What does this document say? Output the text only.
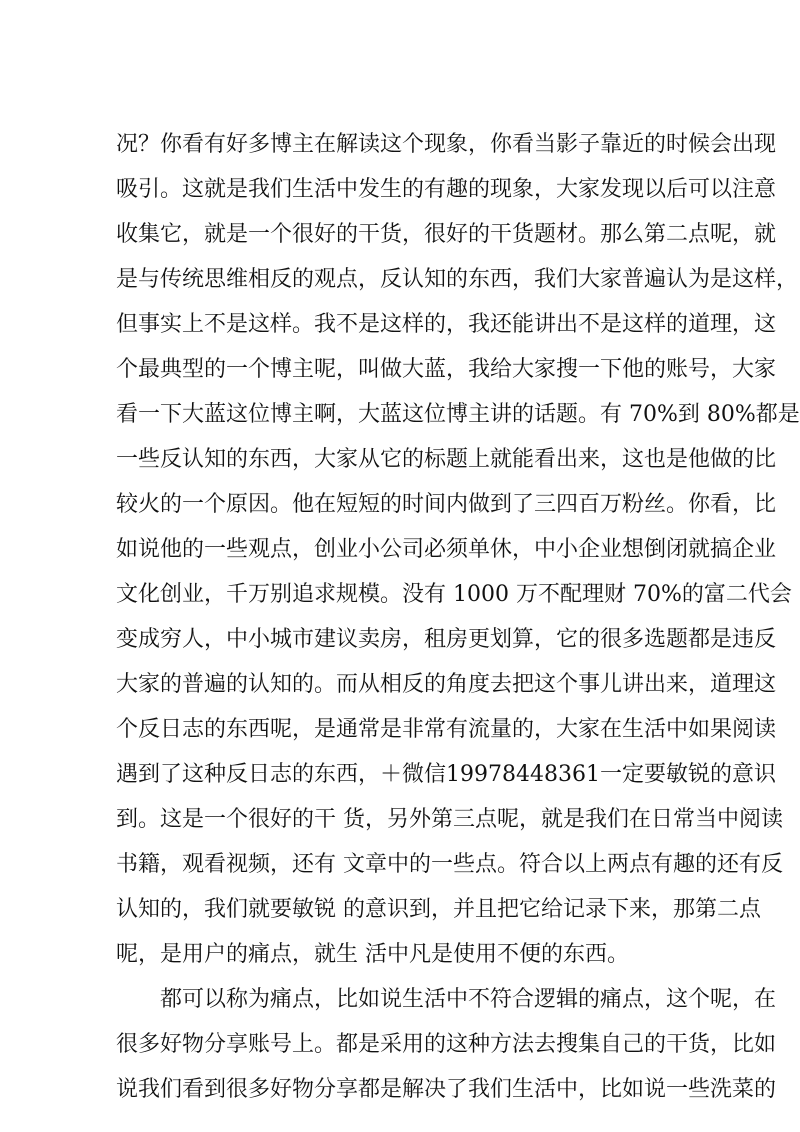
况？你看有好多博主在解读这个现象，你看当影子靠近的时候会出现
吸引。这就是我们生活中发生的有趣的现象，大家发现以后可以注意
收集它，就是一个很好的干货，很好的干货题材。那么第二点呢，就
是与传统思维相反的观点，反认知的东西，我们大家普遍认为是这样，
但事实上不是这样。我不是这样的，我还能讲出不是这样的道理，这
个最典型的一个博主呢，叫做大蓝，我给大家搜一下他的账号，大家
看一下大蓝这位博主啊，大蓝这位博主讲的话题。有 70%到 80%都是
一些反认知的东西，大家从它的标题上就能看出来，这也是他做的比
较火的一个原因。他在短短的时间内做到了三四百万粉丝。你看，比
如说他的一些观点，创业小公司必须单休，中小企业想倒闭就搞企业
文化创业，千万别追求规模。没有 1000 万不配理财 70%的富二代会
变成穷人，中小城市建议卖房，租房更划算，它的很多选题都是违反
大家的普遍的认知的。而从相反的角度去把这个事儿讲出来，道理这
个反日志的东西呢，是通常是非常有流量的，大家在生活中如果阅读
遇到了这种反日志的东西，＋微信19978448361一定要敏锐的意识
到。这是一个很好的干 货，另外第三点呢，就是我们在日常当中阅读
书籍，观看视频，还有 文章中的一些点。符合以上两点有趣的还有反
认知的，我们就要敏锐 的意识到，并且把它给记录下来，那第二点
呢，是用户的痛点，就生 活中凡是使用不便的东西。
都可以称为痛点，比如说生活中不符合逻辑的痛点，这个呢，在
很多好物分享账号上。都是采用的这种方法去搜集自己的干货，比如
说我们看到很多好物分享都是解决了我们生活中，比如说一些洗菜的
